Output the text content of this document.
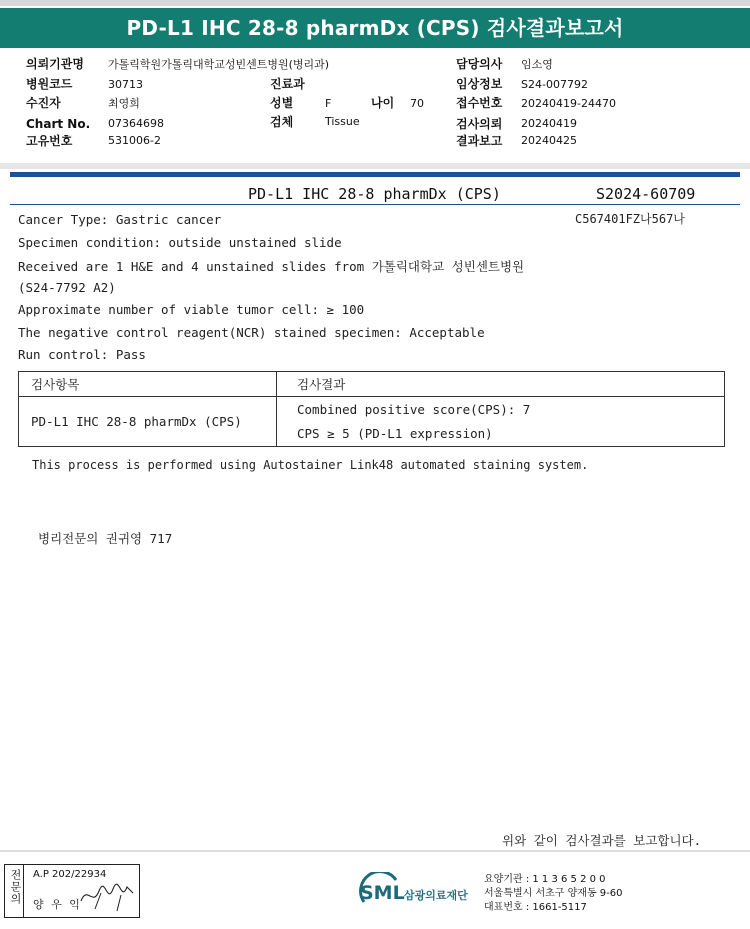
PD-L1 IHC 28-8 pharmDx (CPS) 검사결과보고서
의뢰기관명 가톨릭학원가톨릭대학교성빈센트병원(병리과)
병원코드	30713
수진자	최영희
Chart No. 07364698
고유번호	531006-2
진료과
성별	F	나이 70
검체	Tissue
담당의사 임소영
임상정보 S24-007792
접수번호 20240419-24470
검사의뢰 20240419
결과보고 20240425
PD-L1 IHC 28-8 pharmDx (CPS)	S2024-60709
C567401FZ나567나
Cancer Type: Gastric cancer
Specimen condition: outside unstained slide
Received are 1 H&E and 4 unstained slides from 가톨릭대학교 성빈센트병원
(S24-7792 A2)
Approximate number of viable tumor cell: ≥ 100
The negative control reagent(NCR) stained specimen: Acceptable
Run control: Pass
검사항목	검사결과
PD-L1 IHC 28-8 pharmDx (CPS)	Combined positive score(CPS): 7
CPS ≥ 5 (PD-L1 expression)
This process is performed using Autostainer Link48 automated staining system.
병리전문의 권귀영 717
위와 같이 검사결과를 보고합니다.
전문의 A.P 202/22934
양 우 익
SML 삼광의료재단
요양기관 : 1 1 3 6 5 2 0 0
서울특별시 서초구 양재동 9-60
대표번호 : 1661-5117
